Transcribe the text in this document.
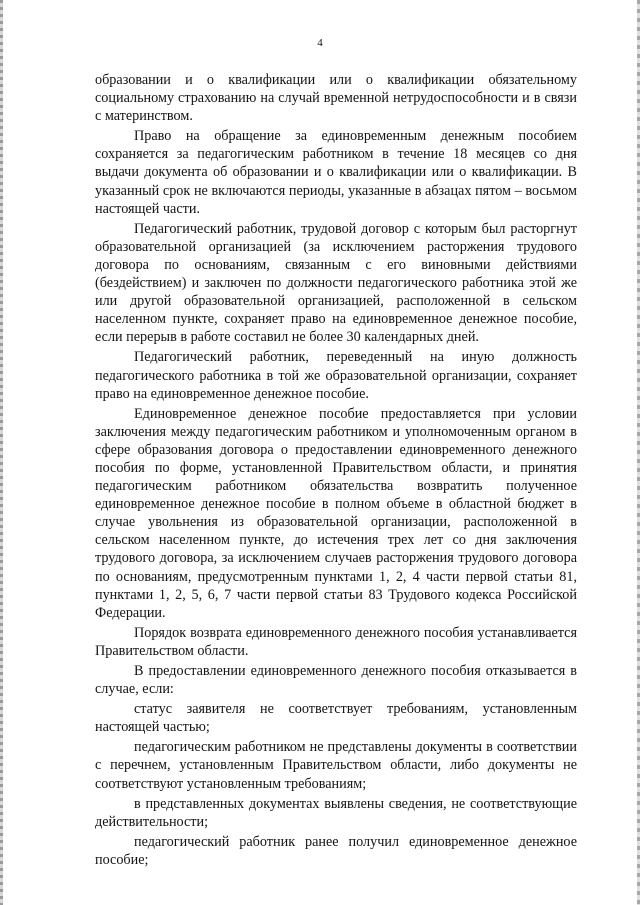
4

образовании и о квалификации или о квалификации обязательному социальному страхованию на случай временной нетрудоспособности и в связи с материнством.

Право на обращение за единовременным денежным пособием сохраняется за педагогическим работником в течение 18 месяцев со дня выдачи документа об образовании и о квалификации или о квалификации. В указанный срок не включаются периоды, указанные в абзацах пятом – восьмом настоящей части.

Педагогический работник, трудовой договор с которым был расторгнут образовательной организацией (за исключением расторжения трудового договора по основаниям, связанным с его виновными действиями (бездействием) и заключен по должности педагогического работника этой же или другой образовательной организацией, расположенной в сельском населенном пункте, сохраняет право на единовременное денежное пособие, если перерыв в работе составил не более 30 календарных дней.

Педагогический работник, переведенный на иную должность педагогического работника в той же образовательной организации, сохраняет право на единовременное денежное пособие.

Единовременное денежное пособие предоставляется при условии заключения между педагогическим работником и уполномоченным органом в сфере образования договора о предоставлении единовременного денежного пособия по форме, установленной Правительством области, и принятия педагогическим работником обязательства возвратить полученное единовременное денежное пособие в полном объеме в областной бюджет в случае увольнения из образовательной организации, расположенной в сельском населенном пункте, до истечения трех лет со дня заключения трудового договора, за исключением случаев расторжения трудового договора по основаниям, предусмотренным пунктами 1, 2, 4 части первой статьи 81, пунктами 1, 2, 5, 6, 7 части первой статьи 83 Трудового кодекса Российской Федерации.

Порядок возврата единовременного денежного пособия устанавливается Правительством области.

В предоставлении единовременного денежного пособия отказывается в случае, если:

статус заявителя не соответствует требованиям, установленным настоящей частью;

педагогическим работником не представлены документы в соответствии с перечнем, установленным Правительством области, либо документы не соответствуют установленным требованиям;

в представленных документах выявлены сведения, не соответствующие действительности;

педагогический работник ранее получил единовременное денежное пособие;
